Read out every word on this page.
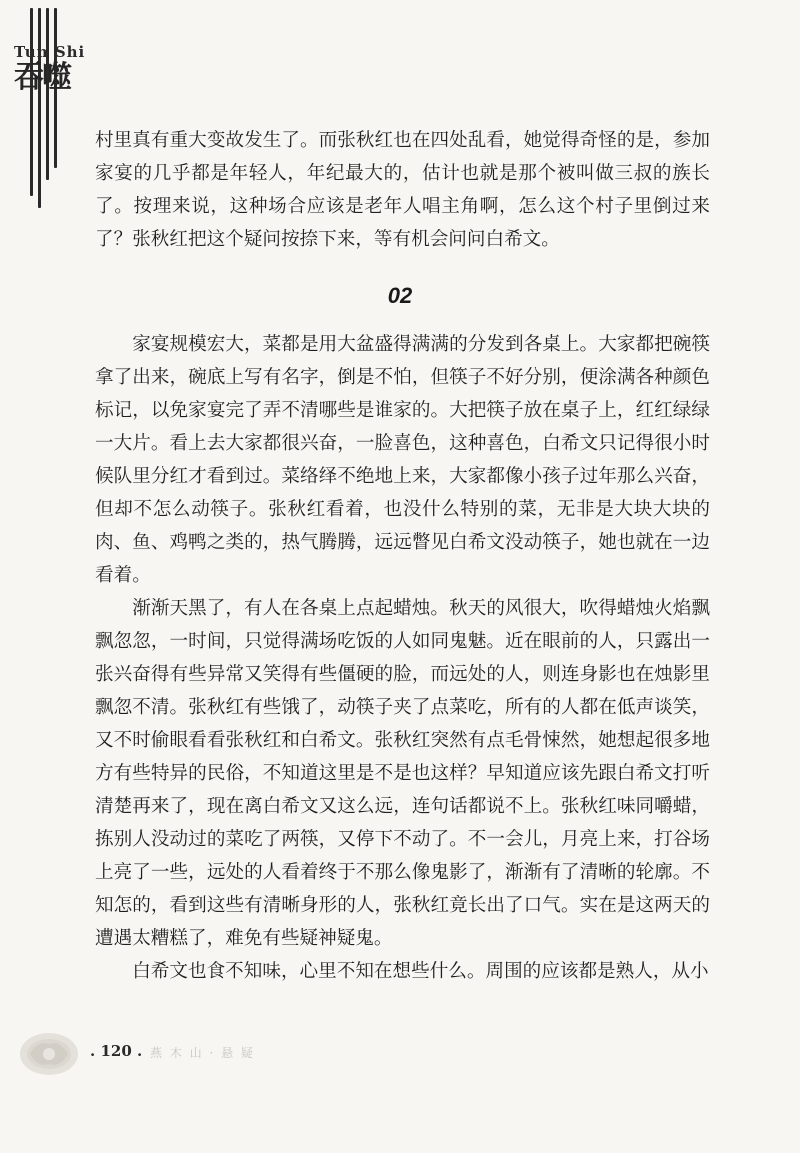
Tun Shi
吞噬

村里真有重大变故发生了。而张秋红也在四处乱看，她觉得奇怪的是，参加家宴的几乎都是年轻人，年纪最大的，估计也就是那个被叫做三叔的族长了。按理来说，这种场合应该是老年人唱主角啊，怎么这个村子里倒过来了？张秋红把这个疑问按捺下来，等有机会问问白希文。

02

家宴规模宏大，菜都是用大盆盛得满满的分发到各桌上。大家都把碗筷拿了出来，碗底上写有名字，倒是不怕，但筷子不好分别，便涂满各种颜色标记，以免家宴完了弄不清哪些是谁家的。大把筷子放在桌子上，红红绿绿一大片。看上去大家都很兴奋，一脸喜色，这种喜色，白希文只记得很小时候队里分红才看到过。菜络绎不绝地上来，大家都像小孩子过年那么兴奋，但却不怎么动筷子。张秋红看着，也没什么特别的菜，无非是大块大块的肉、鱼、鸡鸭之类的，热气腾腾，远远瞥见白希文没动筷子，她也就在一边看着。

渐渐天黑了，有人在各桌上点起蜡烛。秋天的风很大，吹得蜡烛火焰飘飘忽忽，一时间，只觉得满场吃饭的人如同鬼魅。近在眼前的人，只露出一张兴奋得有些异常又笑得有些僵硬的脸，而远处的人，则连身影也在烛影里飘忽不清。张秋红有些饿了，动筷子夹了点菜吃，所有的人都在低声谈笑，又不时偷眼看看张秋红和白希文。张秋红突然有点毛骨悚然，她想起很多地方有些特异的民俗，不知道这里是不是也这样？早知道应该先跟白希文打听清楚再来了，现在离白希文又这么远，连句话都说不上。张秋红味同嚼蜡，拣别人没动过的菜吃了两筷，又停下不动了。不一会儿，月亮上来，打谷场上亮了一些，远处的人看着终于不那么像鬼影了，渐渐有了清晰的轮廓。不知怎的，看到这些有清晰身形的人，张秋红竟长出了口气。实在是这两天的遭遇太糟糕了，难免有些疑神疑鬼。

白希文也食不知味，心里不知在想些什么。周围的应该都是熟人，从小

. 120 . 燕 木 山 · 悬 疑
